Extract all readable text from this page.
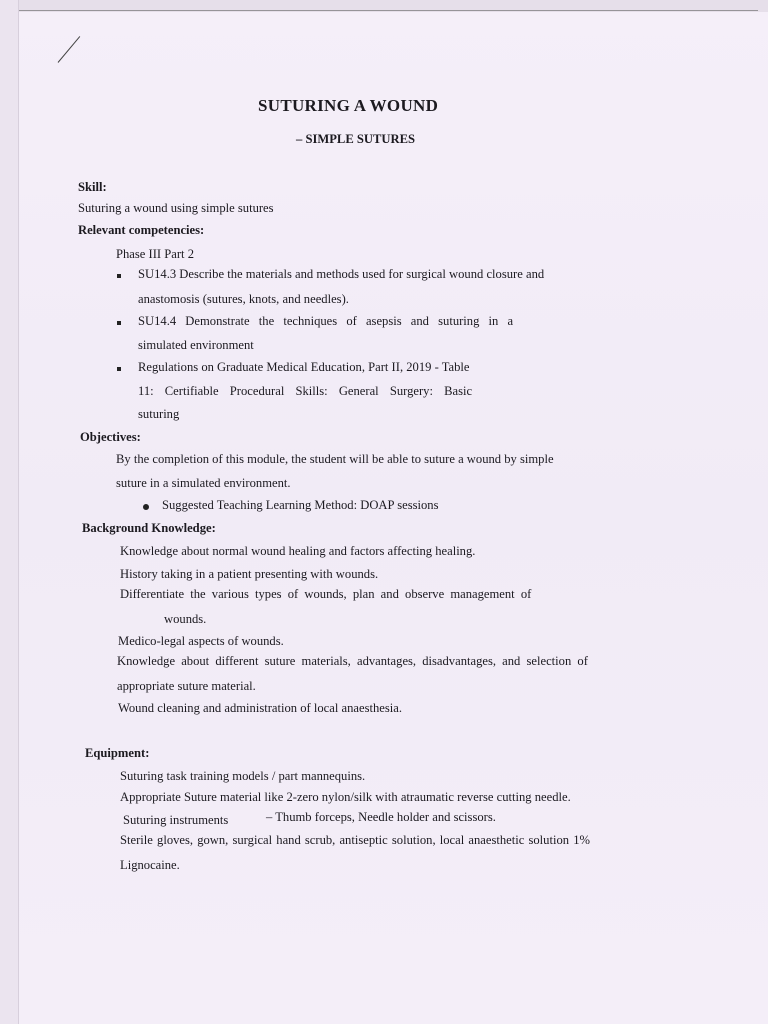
SUTURING A WOUND
– SIMPLE SUTURES
Skill:
Suturing a wound using simple sutures
Relevant competencies:
Phase III Part 2
SU14.3 Describe the materials and methods used for surgical wound closure and
anastomosis (sutures, knots, and needles).
SU14.4 Demonstrate the techniques of asepsis and suturing in a
simulated environment
Regulations on Graduate Medical Education, Part II, 2019 - Table
11: Certifiable Procedural Skills: General Surgery: Basic
suturing
Objectives:
By the completion of this module, the student will be able to suture a wound by simple
suture in a simulated environment.
Suggested Teaching Learning Method: DOAP sessions
Background Knowledge:
Knowledge about normal wound healing and factors affecting healing.
History taking in a patient presenting with wounds.
Differentiate the various types of wounds, plan and observe management of
wounds.
Medico-legal aspects of wounds.
Knowledge about different suture materials, advantages, disadvantages, and selection of
appropriate suture material.
Wound cleaning and administration of local anaesthesia.
Equipment:
Suturing task training models / part mannequins.
Appropriate Suture material like 2-zero nylon/silk with atraumatic reverse cutting needle.
Suturing instruments	– Thumb forceps, Needle holder and scissors.
Sterile gloves, gown, surgical hand scrub, antiseptic solution, local anaesthetic solution 1%
Lignocaine.
